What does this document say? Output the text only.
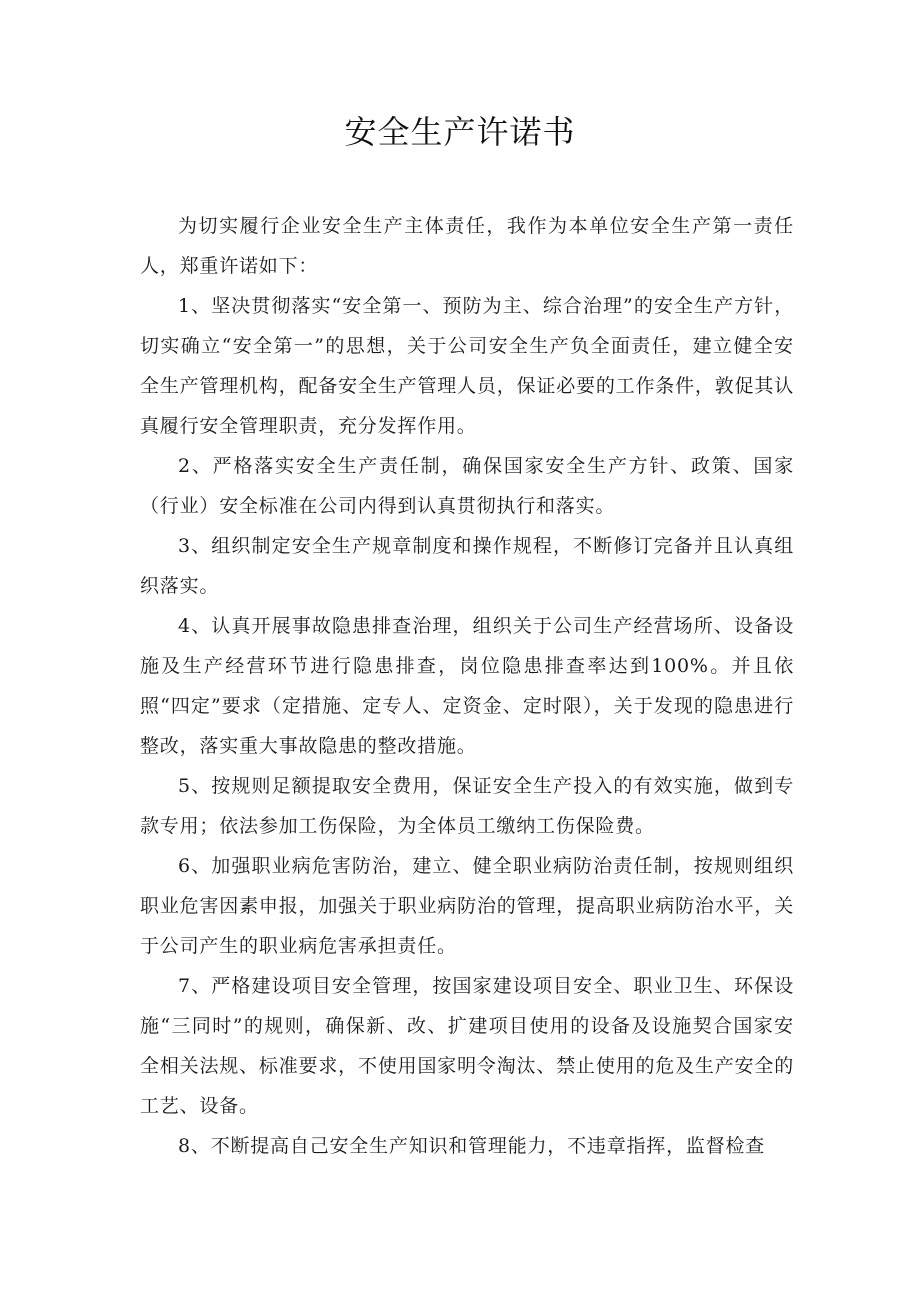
安全生产许诺书

为切实履行企业安全生产主体责任，我作为本单位安全生产第一责任人，郑重许诺如下：

1、坚决贯彻落实“安全第一、预防为主、综合治理”的安全生产方针，切实确立“安全第一”的思想，关于公司安全生产负全面责任，建立健全安全生产管理机构，配备安全生产管理人员，保证必要的工作条件，敦促其认真履行安全管理职责，充分发挥作用。

2、严格落实安全生产责任制，确保国家安全生产方针、政策、国家（行业）安全标准在公司内得到认真贯彻执行和落实。

3、组织制定安全生产规章制度和操作规程，不断修订完备并且认真组织落实。

4、认真开展事故隐患排查治理，组织关于公司生产经营场所、设备设施及生产经营环节进行隐患排查，岗位隐患排查率达到100%。并且依照“四定”要求（定措施、定专人、定资金、定时限），关于发现的隐患进行整改，落实重大事故隐患的整改措施。

5、按规则足额提取安全费用，保证安全生产投入的有效实施，做到专款专用；依法参加工伤保险，为全体员工缴纳工伤保险费。

6、加强职业病危害防治，建立、健全职业病防治责任制，按规则组织职业危害因素申报，加强关于职业病防治的管理，提高职业病防治水平，关于公司产生的职业病危害承担责任。

7、严格建设项目安全管理，按国家建设项目安全、职业卫生、环保设施“三同时”的规则，确保新、改、扩建项目使用的设备及设施契合国家安全相关法规、标准要求，不使用国家明令淘汰、禁止使用的危及生产安全的工艺、设备。

8、不断提高自己安全生产知识和管理能力，不违章指挥，监督检查
